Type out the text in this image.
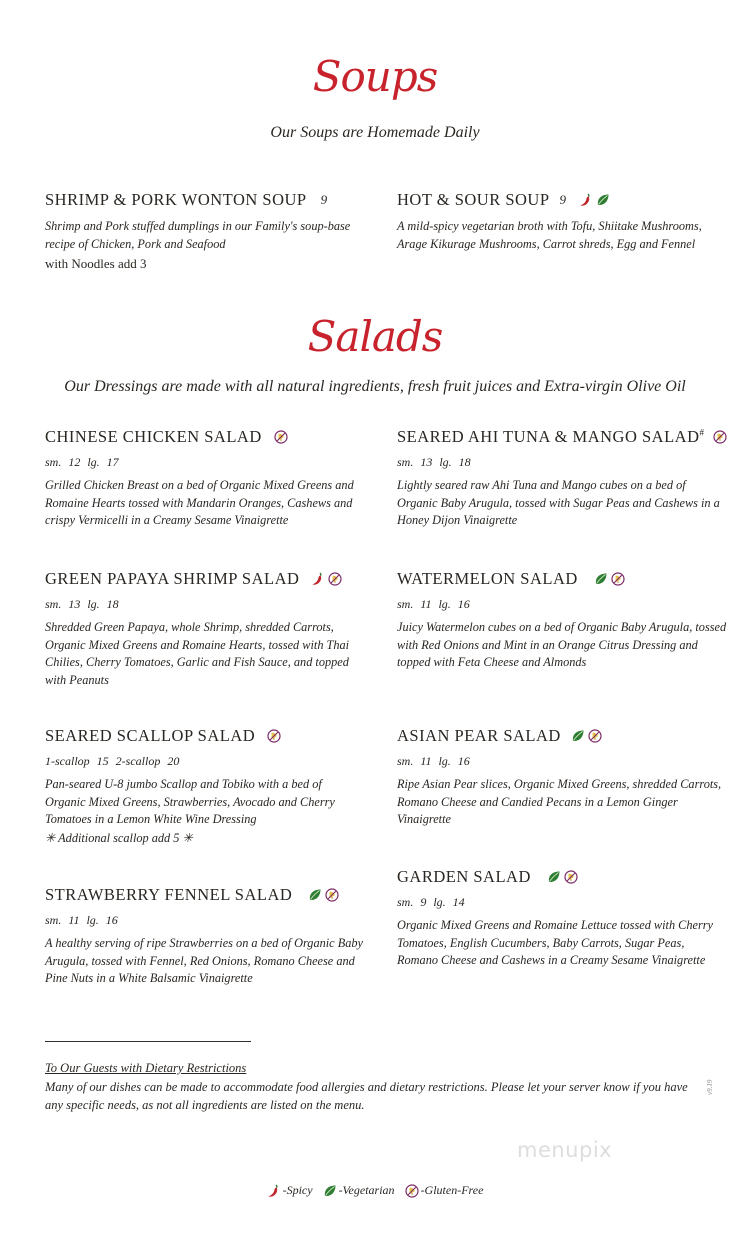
Soups
Our Soups are Homemade Daily
SHRIMP & PORK WONTON SOUP 9
Shrimp and Pork stuffed dumplings in our Family's soup-base recipe of Chicken, Pork and Seafood
with Noodles add 3
HOT & SOUR SOUP 9
A mild-spicy vegetarian broth with Tofu, Shiitake Mushrooms, Arage Kikurage Mushrooms, Carrot shreds, Egg and Fennel
Salads
Our Dressings are made with all natural ingredients, fresh fruit juices and Extra-virgin Olive Oil
CHINESE CHICKEN SALAD
sm. 12 lg. 17
Grilled Chicken Breast on a bed of Organic Mixed Greens and Romaine Hearts tossed with Mandarin Oranges, Cashews and crispy Vermicelli in a Creamy Sesame Vinaigrette
SEARED AHI TUNA & MANGO SALAD#
sm. 13 lg. 18
Lightly seared raw Ahi Tuna and Mango cubes on a bed of Organic Baby Arugula, tossed with Sugar Peas and Cashews in a Honey Dijon Vinaigrette
GREEN PAPAYA SHRIMP SALAD
sm. 13 lg. 18
Shredded Green Papaya, whole Shrimp, shredded Carrots, Organic Mixed Greens and Romaine Hearts, tossed with Thai Chilies, Cherry Tomatoes, Garlic and Fish Sauce, and topped with Peanuts
WATERMELON SALAD
sm. 11 lg. 16
Juicy Watermelon cubes on a bed of Organic Baby Arugula, tossed with Red Onions and Mint in an Orange Citrus Dressing and topped with Feta Cheese and Almonds
SEARED SCALLOP SALAD
1-scallop 15 2-scallop 20
Pan-seared U-8 jumbo Scallop and Tobiko with a bed of Organic Mixed Greens, Strawberries, Avocado and Cherry Tomatoes in a Lemon White Wine Dressing
✳ Additional scallop add 5 ✳
ASIAN PEAR SALAD
sm. 11 lg. 16
Ripe Asian Pear slices, Organic Mixed Greens, shredded Carrots, Romano Cheese and Candied Pecans in a Lemon Ginger Vinaigrette
STRAWBERRY FENNEL SALAD
sm. 11 lg. 16
A healthy serving of ripe Strawberries on a bed of Organic Baby Arugula, tossed with Fennel, Red Onions, Romano Cheese and Pine Nuts in a White Balsamic Vinaigrette
GARDEN SALAD
sm. 9 lg. 14
Organic Mixed Greens and Romaine Lettuce tossed with Cherry Tomatoes, English Cucumbers, Baby Carrots, Sugar Peas, Romano Cheese and Cashews in a Creamy Sesame Vinaigrette
To Our Guests with Dietary Restrictions
Many of our dishes can be made to accommodate food allergies and dietary restrictions. Please let your server know if you have any specific needs, as not all ingredients are listed on the menu.
v9.19
menupix
-Spicy -Vegetarian -Gluten-Free
